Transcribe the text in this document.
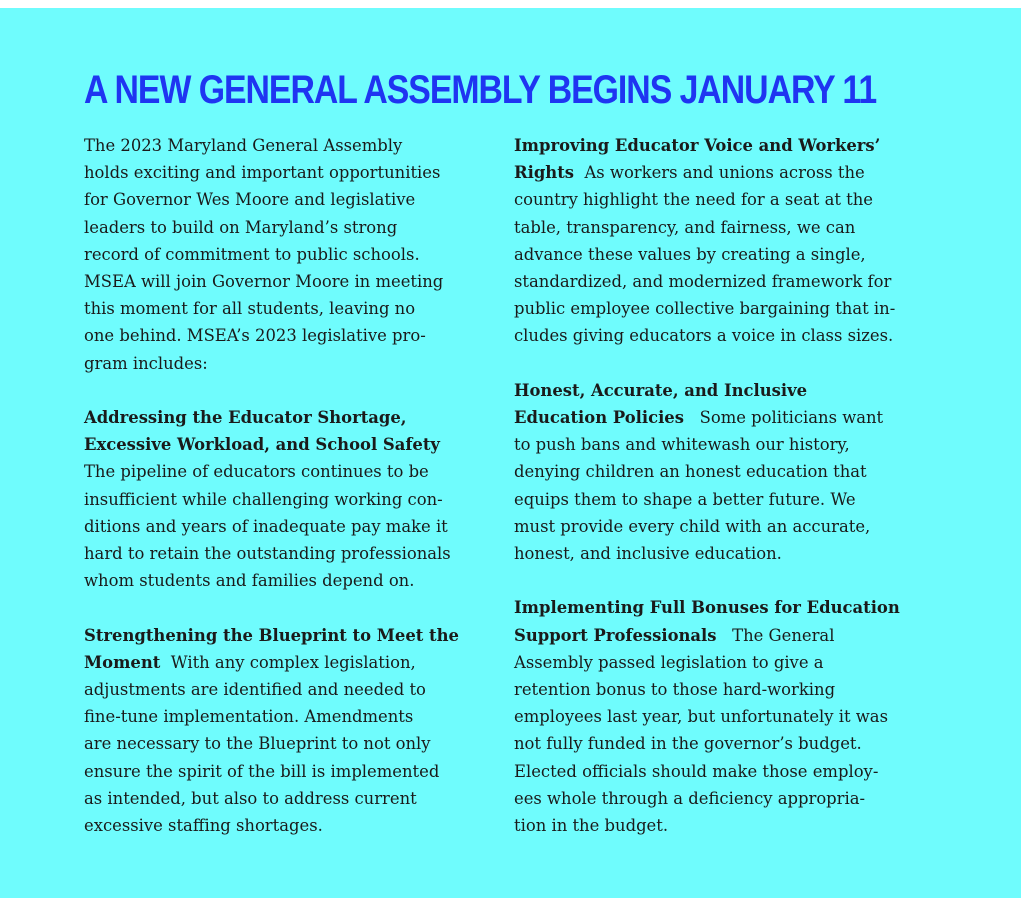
A NEW GENERAL ASSEMBLY BEGINS JANUARY 11

The 2023 Maryland General Assembly
holds exciting and important opportunities
for Governor Wes Moore and legislative
leaders to build on Maryland’s strong
record of commitment to public schools.
MSEA will join Governor Moore in meeting
this moment for all students, leaving no
one behind. MSEA’s 2023 legislative pro-
gram includes:

Addressing the Educator Shortage,
Excessive Workload, and School Safety
The pipeline of educators continues to be
insufficient while challenging working con-
ditions and years of inadequate pay make it
hard to retain the outstanding professionals
whom students and families depend on.

Strengthening the Blueprint to Meet the
Moment With any complex legislation,
adjustments are identified and needed to
fine-tune implementation. Amendments
are necessary to the Blueprint to not only
ensure the spirit of the bill is implemented
as intended, but also to address current
excessive staffing shortages.

Improving Educator Voice and Workers’
Rights As workers and unions across the
country highlight the need for a seat at the
table, transparency, and fairness, we can
advance these values by creating a single,
standardized, and modernized framework for
public employee collective bargaining that in-
cludes giving educators a voice in class sizes.

Honest, Accurate, and Inclusive
Education Policies Some politicians want
to push bans and whitewash our history,
denying children an honest education that
equips them to shape a better future. We
must provide every child with an accurate,
honest, and inclusive education.

Implementing Full Bonuses for Education
Support Professionals The General
Assembly passed legislation to give a
retention bonus to those hard-working
employees last year, but unfortunately it was
not fully funded in the governor’s budget.
Elected officials should make those employ-
ees whole through a deficiency appropria-
tion in the budget.
